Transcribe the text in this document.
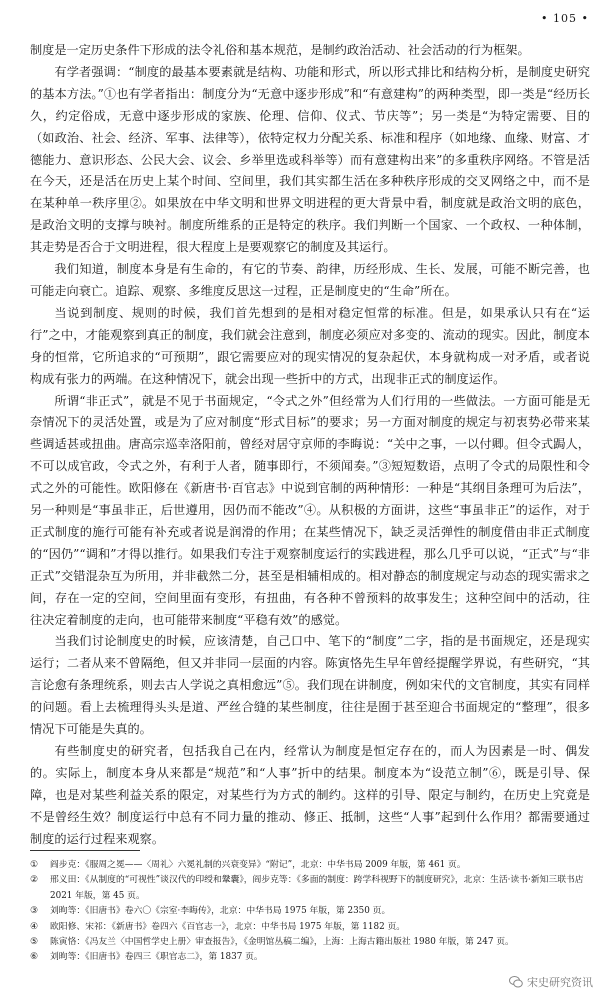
• 105 •

制度是一定历史条件下形成的法令礼俗和基本规范，是制约政治活动、社会活动的行为框架。

有学者强调：“制度的最基本要素就是结构、功能和形式，所以形式排比和结构分析，是制度史研究的基本方法。”①也有学者指出：制度分为“无意中逐步形成”和“有意建构”的两种类型，即一类是“经历长久，约定俗成，无意中逐步形成的家族、伦理、信仰、仪式、节庆等”；另一类是“为特定需要、目的（如政治、社会、经济、军事、法律等），依特定权力分配关系、标准和程序（如地缘、血缘、财富、才德能力、意识形态、公民大会、议会、乡举里选或科举等）而有意建构出来”的多重秩序网络。不管是活在今天，还是活在历史上某个时间、空间里，我们其实都生活在多种秩序形成的交叉网络之中，而不是在某种单一秩序里②。如果放在中华文明和世界文明进程的更大背景中看，制度就是政治文明的底色，是政治文明的支撑与映衬。制度所维系的正是特定的秩序。我们判断一个国家、一个政权、一种体制，其走势是否合于文明进程，很大程度上是要观察它的制度及其运行。

我们知道，制度本身是有生命的，有它的节奏、韵律，历经形成、生长、发展，可能不断完善，也可能走向衰亡。追踪、观察、多维度反思这一过程，正是制度史的“生命”所在。

当说到制度、规则的时候，我们首先想到的是相对稳定恒常的标准。但是，如果承认只有在“运行”之中，才能观察到真正的制度，我们就会注意到，制度必须应对多变的、流动的现实。因此，制度本身的恒常，它所追求的“可预期”，跟它需要应对的现实情况的复杂起伏，本身就构成一对矛盾，或者说构成有张力的两端。在这种情况下，就会出现一些折中的方式，出现非正式的制度运作。

所谓“非正式”，就是不见于书面规定，“令式之外”但经常为人们行用的一些做法。一方面可能是无奈情况下的灵活处置，或是为了应对制度“形式目标”的要求；另一方面对制度的规定与初衷势必带来某些调适甚或扭曲。唐高宗巡幸洛阳前，曾经对居守京师的李晦说：“关中之事，一以付卿。但令式跼人，不可以成官政，令式之外，有利于人者，随事即行，不须闻奏。”③短短数语，点明了令式的局限性和令式之外的可能性。欧阳修在《新唐书·百官志》中说到官制的两种情形：一种是“其纲目条理可为后法”，另一种则是“事虽非正，后世遵用，因仍而不能改”④。从积极的方面讲，这些“事虽非正”的运作，对于正式制度的施行可能有补充或者说是润滑的作用；在某些情况下，缺乏灵活弹性的制度借由非正式制度的“因仍”“调和”才得以推行。如果我们专注于观察制度运行的实践进程，那么几乎可以说，“正式”与“非正式”交错混杂互为所用，并非截然二分，甚至是相辅相成的。相对静态的制度规定与动态的现实需求之间，存在一定的空间，空间里面有变形，有扭曲，有各种不曾预料的故事发生；这种空间中的活动，往往决定着制度的走向，也可能带来制度“平稳有效”的感觉。

当我们讨论制度史的时候，应该清楚，自己口中、笔下的“制度”二字，指的是书面规定，还是现实运行；二者从来不曾隔绝，但又并非同一层面的内容。陈寅恪先生早年曾经提醒学界说，有些研究，“其言论愈有条理统系，则去古人学说之真相愈远”⑤。我们现在讲制度，例如宋代的文官制度，其实有同样的问题。看上去梳理得头头是道、严丝合缝的某些制度，往往是囿于甚至迎合书面规定的“整理”，很多情况下可能是失真的。

有些制度史的研究者，包括我自己在内，经常认为制度是恒定存在的，而人为因素是一时、偶发的。实际上，制度本身从来都是“规范”和“人事”折中的结果。制度本为“设范立制”⑥，既是引导、保障，也是对某些利益关系的限定，对某些行为方式的制约。这样的引导、限定与制约，在历史上究竟是不是曾经生效？制度运行中总有不同力量的推动、修正、抵制，这些“人事”起到什么作用？都需要通过制度的运行过程来观察。

①	阎步克：《服周之冕——〈周礼〉六冕礼制的兴衰变异》“附记”，北京：中华书局 2009 年版，第 461 页。
②	邢义田：《从制度的“可视性”谈汉代的印绶和鞶囊》，阎步克等：《多面的制度：跨学科视野下的制度研究》，北京：生活·读书·新知三联书店 2021 年版，第 45 页。
③	刘昫等：《旧唐书》卷六〇《宗室·李晦传》，北京：中华书局 1975 年版，第 2350 页。
④	欧阳修、宋祁：《新唐书》卷四六《百官志一》，北京：中华书局 1975 年版，第 1182 页。
⑤	陈寅恪：《冯友兰〈中国哲学史上册〉审查报告》，《金明馆丛稿二编》，上海：上海古籍出版社 1980 年版，第 247 页。
⑥	刘昫等：《旧唐书》卷四三《职官志二》，第 1837 页。
宋史研究资讯
